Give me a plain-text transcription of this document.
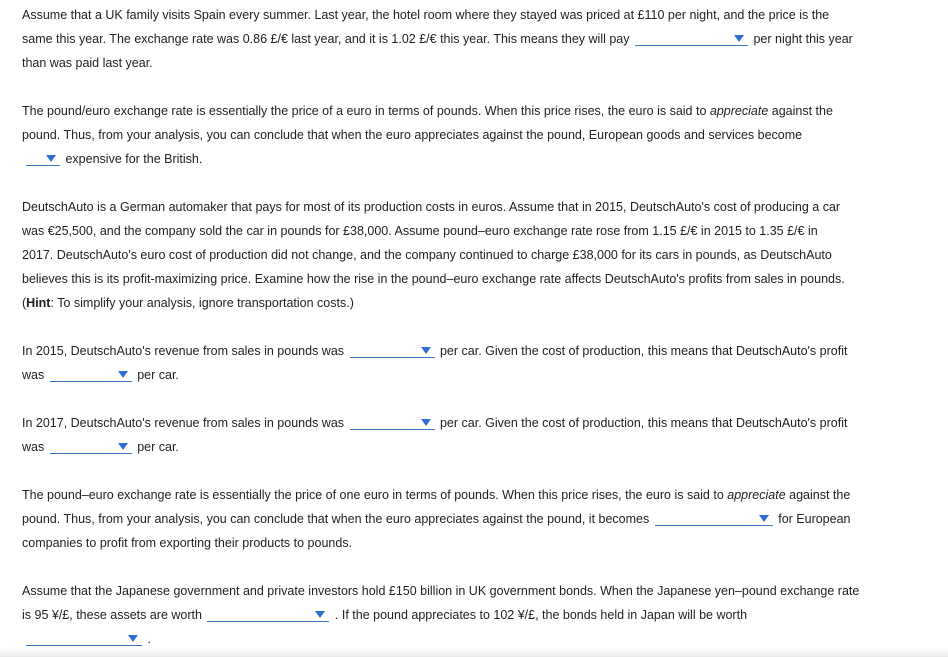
Assume that a UK family visits Spain every summer. Last year, the hotel room where they stayed was priced at £110 per night, and the price is the
same this year. The exchange rate was 0.86 £/€ last year, and it is 1.02 £/€ this year. This means they will pay	per night this year
than was paid last year.
The pound/euro exchange rate is essentially the price of a euro in terms of pounds. When this price rises, the euro is said to appreciate against the
pound. Thus, from your analysis, you can conclude that when the euro appreciates against the pound, European goods and services become
expensive for the British.
DeutschAuto is a German automaker that pays for most of its production costs in euros. Assume that in 2015, DeutschAuto's cost of producing a car
was €25,500, and the company sold the car in pounds for £38,000. Assume pound–euro exchange rate rose from 1.15 £/€ in 2015 to 1.35 £/€ in
2017. DeutschAuto's euro cost of production did not change, and the company continued to charge £38,000 for its cars in pounds, as DeutschAuto
believes this is its profit-maximizing price. Examine how the rise in the pound–euro exchange rate affects DeutschAuto's profits from sales in pounds.
(Hint: To simplify your analysis, ignore transportation costs.)
In 2015, DeutschAuto's revenue from sales in pounds was	per car. Given the cost of production, this means that DeutschAuto's profit
was	per car.
In 2017, DeutschAuto's revenue from sales in pounds was	per car. Given the cost of production, this means that DeutschAuto's profit
was	per car.
The pound–euro exchange rate is essentially the price of one euro in terms of pounds. When this price rises, the euro is said to appreciate against the
pound. Thus, from your analysis, you can conclude that when the euro appreciates against the pound, it becomes	for European
companies to profit from exporting their products to pounds.
Assume that the Japanese government and private investors hold £150 billion in UK government bonds. When the Japanese yen–pound exchange rate
is 95 ¥/£, these assets are worth	. If the pound appreciates to 102 ¥/£, the bonds held in Japan will be worth
.
